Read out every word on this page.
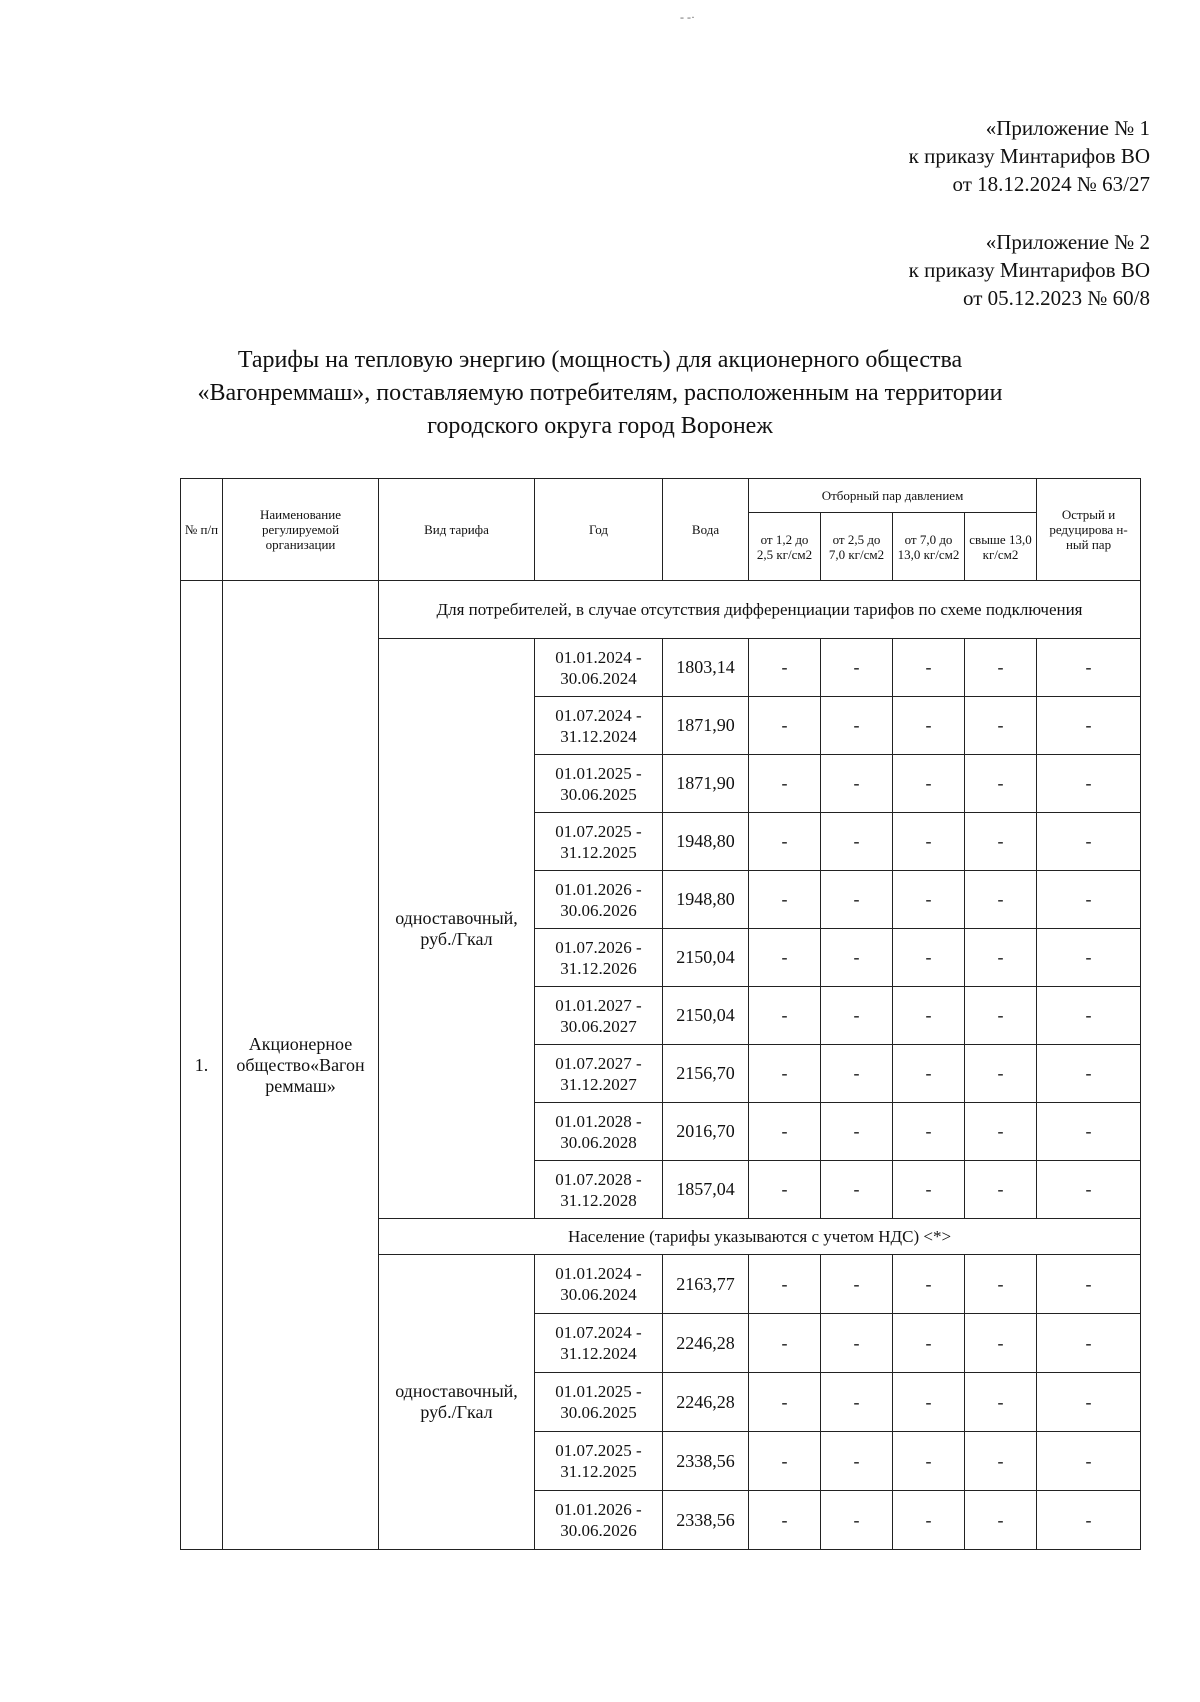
- -·
«Приложение № 1
к приказу Минтарифов ВО
от 18.12.2024 № 63/27
«Приложение № 2
к приказу Минтарифов ВО
от 05.12.2023 № 60/8
Тарифы на тепловую энергию (мощность) для акционерного общества
«Вагонреммаш», поставляемую потребителям, расположенным на территории
городского округа город Воронеж
№ п/п	Наименование регулируемой организации	Вид тарифа	Год	Вода	Отборный пар давлением				Острый и редуцирова н- ный пар
					от 1,2 до 2,5 кг/см2	от 2,5 до 7,0 кг/см2	от 7,0 до 13,0 кг/см2	свыше 13,0 кг/см2	
1.	Акционерное общество«Вагон реммаш»	Для потребителей, в случае отсутствия дифференциации тарифов по схеме подключения							
		одноставочный, руб./Гкал	01.01.2024 - 30.06.2024	1803,14	-	-	-	-	-
			01.07.2024 - 31.12.2024	1871,90	-	-	-	-	-
			01.01.2025 - 30.06.2025	1871,90	-	-	-	-	-
			01.07.2025 - 31.12.2025	1948,80	-	-	-	-	-
			01.01.2026 - 30.06.2026	1948,80	-	-	-	-	-
			01.07.2026 - 31.12.2026	2150,04	-	-	-	-	-
			01.01.2027 - 30.06.2027	2150,04	-	-	-	-	-
			01.07.2027 - 31.12.2027	2156,70	-	-	-	-	-
			01.01.2028 - 30.06.2028	2016,70	-	-	-	-	-
			01.07.2028 - 31.12.2028	1857,04	-	-	-	-	-
		Население (тарифы указываются с учетом НДС) <*>							
		одноставочный, руб./Гкал	01.01.2024 - 30.06.2024	2163,77	-	-	-	-	-
			01.07.2024 - 31.12.2024	2246,28	-	-	-	-	-
			01.01.2025 - 30.06.2025	2246,28	-	-	-	-	-
			01.07.2025 - 31.12.2025	2338,56	-	-	-	-	-
			01.01.2026 - 30.06.2026	2338,56	-	-	-	-	-
